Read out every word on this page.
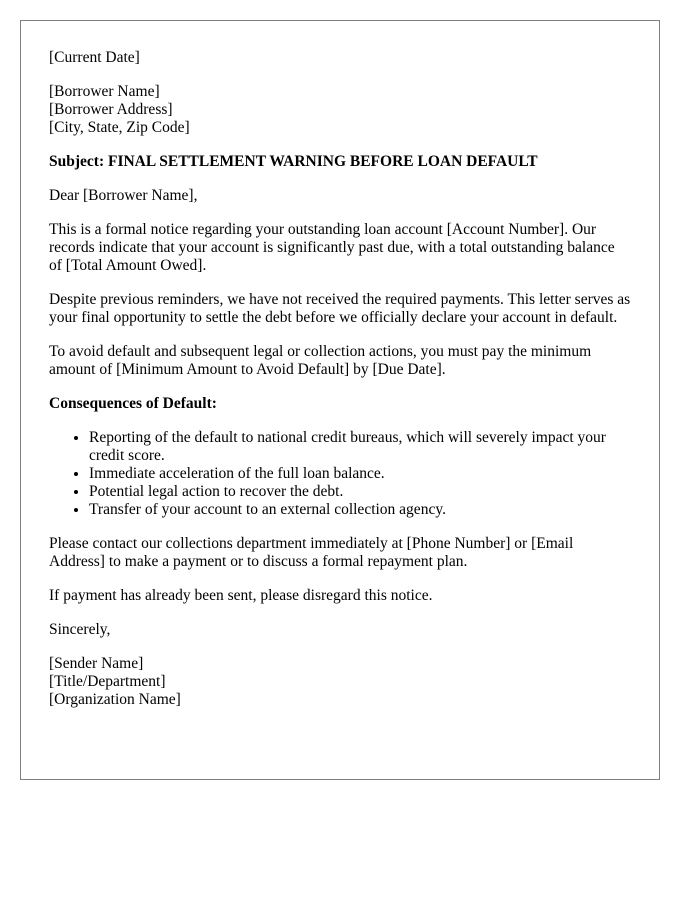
[Current Date]
[Borrower Name]
[Borrower Address]
[City, State, Zip Code]
Subject: FINAL SETTLEMENT WARNING BEFORE LOAN DEFAULT

Dear [Borrower Name],

This is a formal notice regarding your outstanding loan account [Account Number]. Our records indicate that your account is significantly past due, with a total outstanding balance of [Total Amount Owed].

Despite previous reminders, we have not received the required payments. This letter serves as your final opportunity to settle the debt before we officially declare your account in default.

To avoid default and subsequent legal or collection actions, you must pay the minimum amount of [Minimum Amount to Avoid Default] by [Due Date].

Consequences of Default:
• Reporting of the default to national credit bureaus, which will severely impact your credit score.
• Immediate acceleration of the full loan balance.
• Potential legal action to recover the debt.
• Transfer of your account to an external collection agency.

Please contact our collections department immediately at [Phone Number] or [Email Address] to make a payment or to discuss a formal repayment plan.

If payment has already been sent, please disregard this notice.

Sincerely,

[Sender Name]
[Title/Department]
[Organization Name]
